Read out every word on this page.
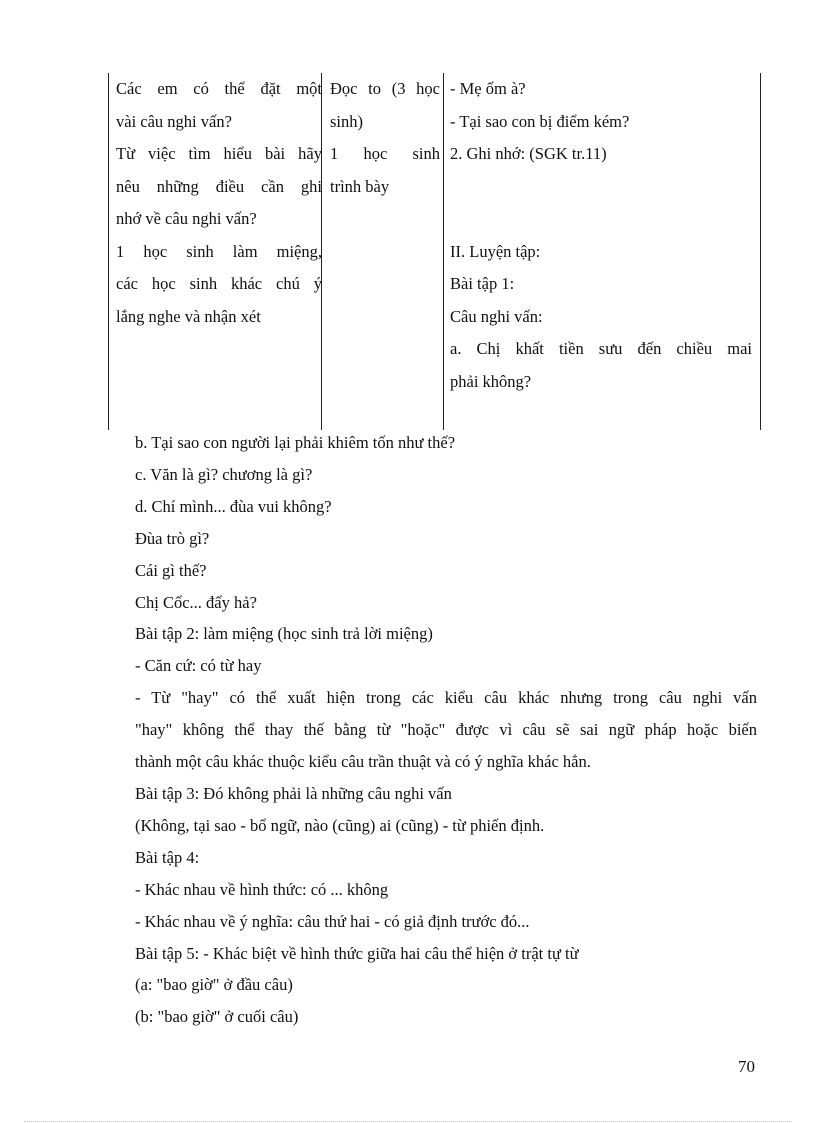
Các em có thể đặt một
vài câu nghi vấn?
Từ việc tìm hiểu bài hãy
nêu những điều cần ghi
nhớ về câu nghi vấn?
1 học sinh làm miệng,
các học sinh khác chú ý
lắng nghe và nhận xét
Đọc to (3 học
sinh)
1 học sinh
trình bày
- Mẹ ốm à?
- Tại sao con bị điểm kém?
2. Ghi nhớ: (SGK tr.11)

II. Luyện tập:
Bài tập 1:
Câu nghi vấn:
a. Chị khất tiền sưu đến chiều mai
phải không?
b. Tại sao con người lại phải khiêm tốn như thế?
c. Văn là gì? chương là gì?
d. Chí mình... đùa vui không?
Đùa trò gì?
Cái gì thế?
Chị Cốc... đấy hả?
Bài tập 2: làm miệng (học sinh trả lời miệng)
- Căn cứ: có từ hay
- Từ "hay" có thể xuất hiện trong các kiểu câu khác nhưng trong câu nghi vấn
"hay" không thể thay thế bằng từ "hoặc" được vì câu sẽ sai ngữ pháp hoặc biến
thành một câu khác thuộc kiểu câu trần thuật và có ý nghĩa khác hẳn.
Bài tập 3: Đó không phải là những câu nghi vấn
(Không, tại sao - bổ ngữ, nào (cũng) ai (cũng) - từ phiến định.
Bài tập 4:
- Khác nhau về hình thức: có ... không
- Khác nhau về ý nghĩa: câu thứ hai - có giả định trước đó...
Bài tập 5: - Khác biệt về hình thức giữa hai câu thể hiện ở trật tự từ
(a: "bao giờ" ở đầu câu)
(b: "bao giờ" ở cuối câu)
70
